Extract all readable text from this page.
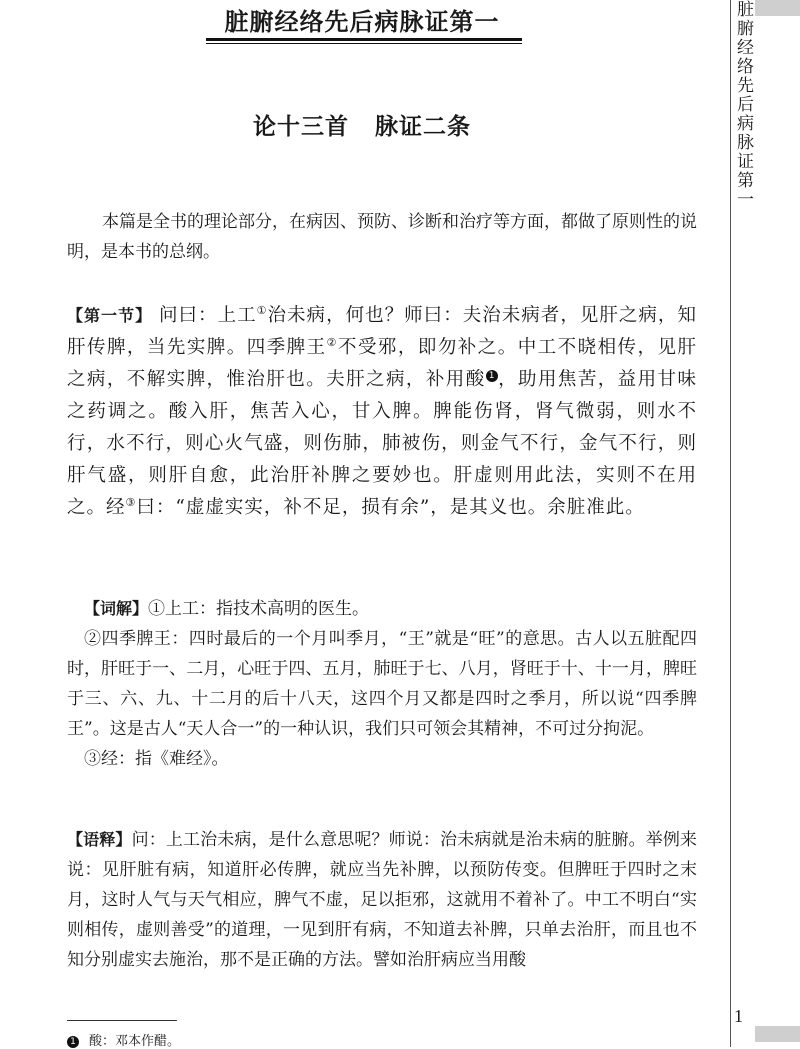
脏腑经络先后病脉证第一	脏腑经络先后病脉证第一
1
论十三首 脉证二条

本篇是全书的理论部分，在病因、预防、诊断和治疗等方面，都做了原则性的说明，是本书的总纲。

【第一节】 问曰：上工①治未病，何也？师曰：夫治未病者，见肝之病，知肝传脾，当先实脾。四季脾王②不受邪，即勿补之。中工不晓相传，见肝之病，不解实脾，惟治肝也。夫肝之病，补用酸 1 ，助用焦苦，益用甘味之药调之。酸入肝，焦苦入心，甘入脾。脾能伤肾，肾气微弱，则水不行，水不行，则心火气盛，则伤肺，肺被伤，则金气不行，金气不行，则肝气盛，则肝自愈，此治肝补脾之要妙也。肝虚则用此法，实则不在用之。经③曰：“虚虚实实，补不足，损有余”，是其义也。余脏准此。

【词解】①上工：指技术高明的医生。

②四季脾王：四时最后的一个月叫季月，“王”就是“旺”的意思。古人以五脏配四时，肝旺于一、二月，心旺于四、五月，肺旺于七、八月，肾旺于十、十一月，脾旺于三、六、九、十二月的后十八天，这四个月又都是四时之季月，所以说“四季脾王”。这是古人“天人合一”的一种认识，我们只可领会其精神，不可过分拘泥。

③经：指《难经》。

【语释】问：上工治未病，是什么意思呢？师说：治未病就是治未病的脏腑。举例来说：见肝脏有病，知道肝必传脾，就应当先补脾，以预防传变。但脾旺于四时之末月，这时人气与天气相应，脾气不虚，足以拒邪，这就用不着补了。中工不明白“实则相传，虚则善受”的道理，一见到肝有病，不知道去补脾，只单去治肝，而且也不知分别虚实去施治，那不是正确的方法。譬如治肝病应当用酸

1 酸：邓本作醋。
